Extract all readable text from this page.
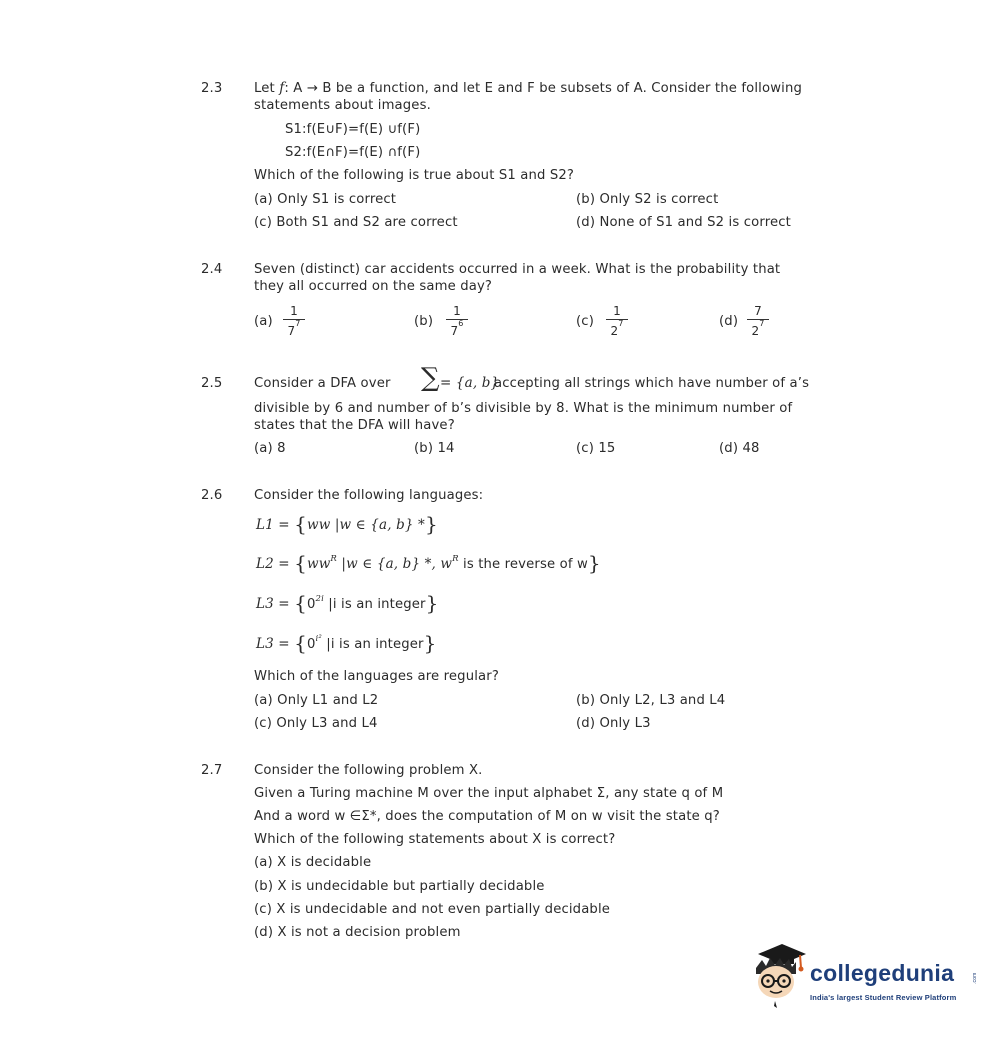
2.3 Let f: A → B be a function, and let E and F be subsets of A. Consider the following
statements about images.
S1:f(E∪F)=f(E) ∪f(F)
S2:f(E∩F)=f(E) ∩f(F)
Which of the following is true about S1 and S2?
(a) Only S1 is correct	(b) Only S2 is correct
(c) Both S1 and S2 are correct	(d) None of S1 and S2 is correct
2.4 Seven (distinct) car accidents occurred in a week. What is the probability that
they all occurred on the same day?
(a)
1
$7^7$	(b)
1
$7^6$	(c)
1
$2^7$	(d)
7
$2^7$
2.5 Consider a DFA over ∑ = {a, b}
accepting all strings which have number of a’s
divisible by 6 and number of b’s divisible by 8. What is the minimum number of
states that the DFA will have?
(a) 8	(b) 14	(c) 15	(d) 48
2.6 Consider the following languages:
L1 = {ww |w ∈ {a, b} *}
$L2 = \{ww^R$ |w ∈ {a, b} *, $w^R$ is the reverse of w}
$L3 = \{0^{2i}$ |i is an integer}
$L3 = \{0^{i^2}$ |i is an integer}
Which of the languages are regular?
(a) Only L1 and L2	(b) Only L2, L3 and L4
(c) Only L3 and L4	(d) Only L3
2.7 Consider the following problem X.
Given a Turing machine M over the input alphabet Σ, any state q of M
And a word w ∈Σ*, does the computation of M on w visit the state q?
Which of the following statements about X is correct?
(a) X is decidable
(b) X is undecidable but partially decidable
(c) X is undecidable and not even partially decidable
(d) X is not a decision problem
collegedunia	.com
India's largest Student Review Platform
